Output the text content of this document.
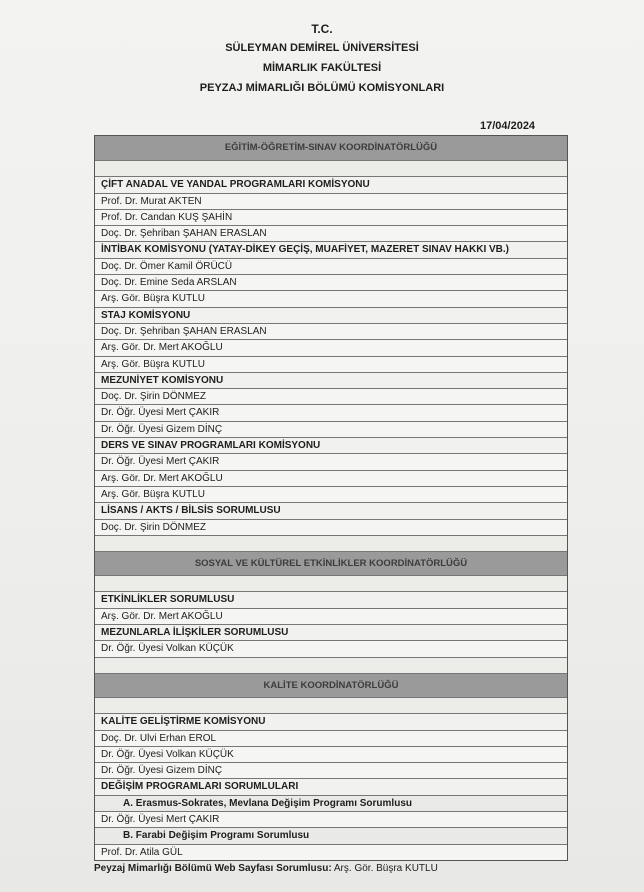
T.C.
SÜLEYMAN DEMİREL ÜNİVERSİTESİ
MİMARLIK FAKÜLTESİ
PEYZAJ MİMARLIĞI BÖLÜMÜ KOMİSYONLARI
17/04/2024
EĞİTİM-ÖĞRETİM-SINAV KOORDİNATÖRLÜĞÜ
ÇİFT ANADAL VE YANDAL PROGRAMLARI KOMİSYONU
Prof. Dr. Murat AKTEN
Prof. Dr. Candan KUŞ ŞAHİN
Doç. Dr. Şehriban ŞAHAN ERASLAN
İNTİBAK KOMİSYONU (YATAY-DİKEY GEÇİŞ, MUAFİYET, MAZERET SINAV HAKKI VB.)
Doç. Dr. Ömer Kamil ÖRÜCÜ
Doç. Dr. Emine Seda ARSLAN
Arş. Gör. Büşra KUTLU
STAJ KOMİSYONU
Doç. Dr. Şehriban ŞAHAN ERASLAN
Arş. Gör. Dr. Mert AKOĞLU
Arş. Gör. Büşra KUTLU
MEZUNİYET KOMİSYONU
Doç. Dr. Şirin DÖNMEZ
Dr. Öğr. Üyesi Mert ÇAKIR
Dr. Öğr. Üyesi Gizem DİNÇ
DERS VE SINAV PROGRAMLARI KOMİSYONU
Dr. Öğr. Üyesi Mert ÇAKIR
Arş. Gör. Dr. Mert AKOĞLU
Arş. Gör. Büşra KUTLU
LİSANS / AKTS / BİLSİS SORUMLUSU
Doç. Dr. Şirin DÖNMEZ
SOSYAL VE KÜLTÜREL ETKİNLİKLER KOORDİNATÖRLÜĞÜ
ETKİNLİKLER SORUMLUSU
Arş. Gör. Dr. Mert AKOĞLU
MEZUNLARLA İLİŞKİLER SORUMLUSU
Dr. Öğr. Üyesi Volkan KÜÇÜK
KALİTE KOORDİNATÖRLÜĞÜ
KALİTE GELİŞTİRME KOMİSYONU
Doç. Dr. Ulvi Erhan EROL
Dr. Öğr. Üyesi Volkan KÜÇÜK
Dr. Öğr. Üyesi Gizem DİNÇ
DEĞİŞİM PROGRAMLARI SORUMLULARI
A. Erasmus-Sokrates, Mevlana Değişim Programı Sorumlusu
Dr. Öğr. Üyesi Mert ÇAKIR
B. Farabi Değişim Programı Sorumlusu
Prof. Dr. Atila GÜL
Peyzaj Mimarlığı Bölümü Web Sayfası Sorumlusu: Arş. Gör. Büşra KUTLU
